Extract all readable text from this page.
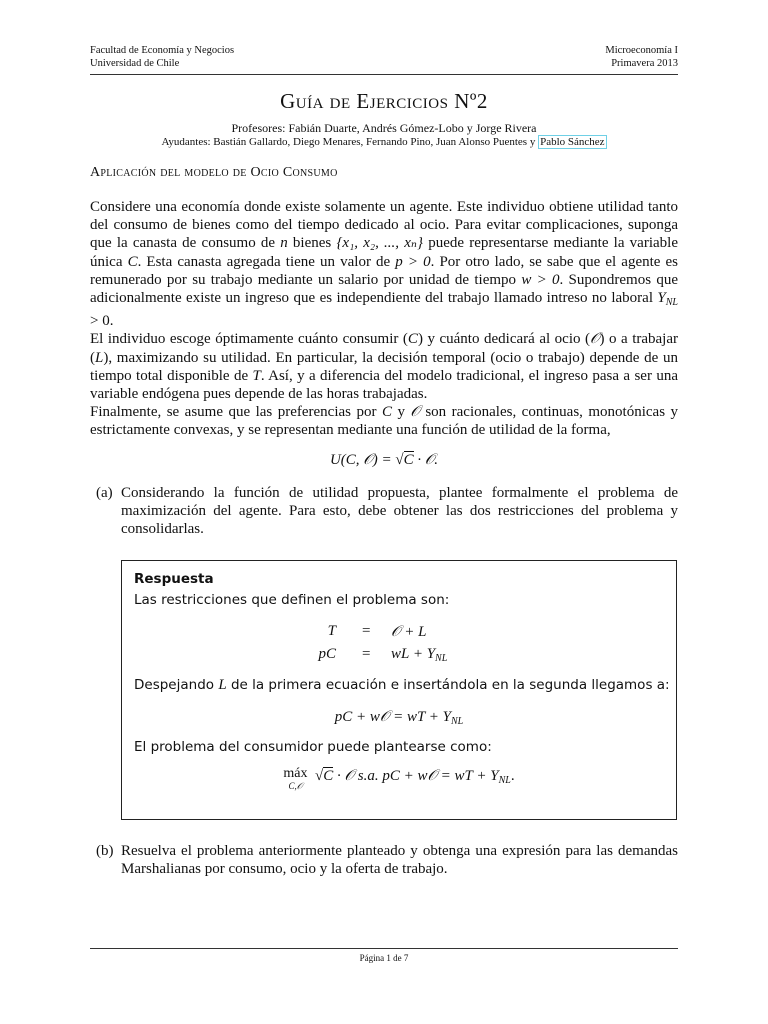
Facultad de Economía y Negocios
Universidad de Chile
Microeconomía I
Primavera 2013
Guía de Ejercicios Nº2
Profesores: Fabián Duarte, Andrés Gómez-Lobo y Jorge Rivera
Ayudantes: Bastián Gallardo, Diego Menares, Fernando Pino, Juan Alonso Puentes y Pablo Sánchez
Aplicación del modelo de Ocio Consumo

Considere una economía donde existe solamente un agente. Este individuo obtiene utilidad tanto del consumo de bienes como del tiempo dedicado al ocio. Para evitar complicaciones, suponga que la canasta de consumo de n bienes {x₁, x₂, ..., xₙ} puede representarse mediante la variable única C. Esta canasta agregada tiene un valor de p > 0. Por otro lado, se sabe que el agente es remunerado por su trabajo mediante un salario por unidad de tiempo w > 0. Supondremos que adicionalmente existe un ingreso que es independiente del trabajo llamado intreso no laboral $Y_{NL} > 0$.

El individuo escoge óptimamente cuánto consumir (C) y cuánto dedicará al ocio (𝒪) o a trabajar (L), maximizando su utilidad. En particular, la decisión temporal (ocio o trabajo) depende de un tiempo total disponible de T. Así, y a diferencia del modelo tradicional, el ingreso pasa a ser una variable endógena pues depende de las horas trabajadas.

Finalmente, se asume que las preferencias por C y 𝒪 son racionales, continuas, monotónicas y estrictamente convexas, y se representan mediante una función de utilidad de la forma,

U(C, 𝒪) = √C · 𝒪.
(a) Considerando la función de utilidad propuesta, plantee formalmente el problema de maximización del agente. Para esto, debe obtener las dos restricciones del problema y consolidarlas.
Respuesta
Las restricciones que definen el problema son:
T = 𝒪 + L
pC = wL + $Y_{NL}$
Despejando L de la primera ecuación e insertándola en la segunda llegamos a:
pC + w𝒪 = wT + $Y_{NL}$
El problema del consumidor puede plantearse como:
máx
C,𝒪
√C · 𝒪 s.a. pC + w𝒪 = wT + $Y_{NL}$.
(b) Resuelva el problema anteriormente planteado y obtenga una expresión para las demandas Marshalianas por consumo, ocio y la oferta de trabajo.
Página 1 de 7
